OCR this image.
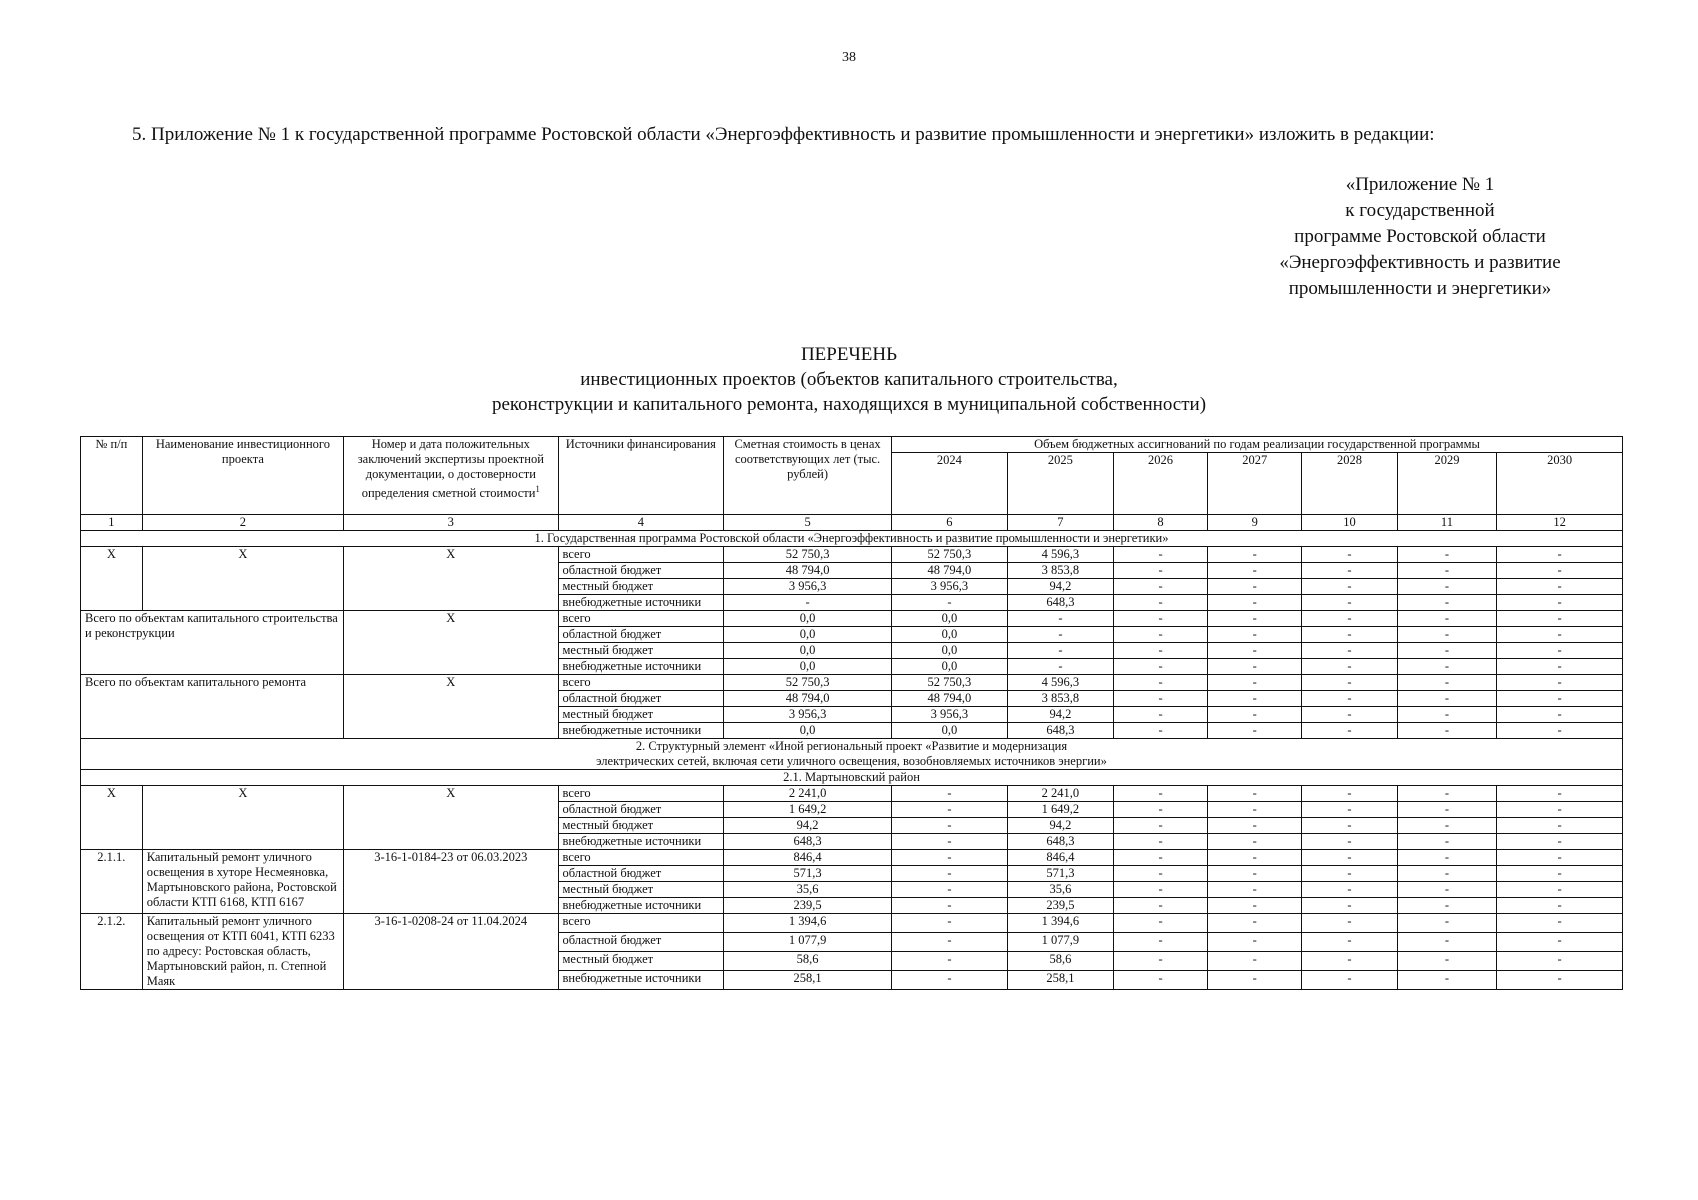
38
5. Приложение № 1 к государственной программе Ростовской области «Энергоэффективность и развитие промышленности и энергетики» изложить в редакции:
«Приложение № 1
к государственной
программе Ростовской области
«Энергоэффективность и развитие
промышленности и энергетики»
ПЕРЕЧЕНЬ
инвестиционных проектов (объектов капитального строительства,
реконструкции и капитального ремонта, находящихся в муниципальной собственности)
№ п/п	Наименование инвестиционного проекта	Номер и дата положительных заключений экспертизы проектной документации, о достоверности определения сметной стоимости$^1$	Источники финансирования	Сметная стоимость в ценах соответствующих лет (тыс. рублей)	Объем бюджетных ассигнований по годам реализации государственной программы						
					2024	2025	2026	2027	2028	2029	2030
1	2	3	4	5	6	7	8	9	10	11	12

1. Государственная программа Ростовской области «Энергоэффективность и развитие промышленности и энергетики»											

Х	Х	Х	всего	52 750,3	52 750,3	4 596,3	-	-	-	-	-
			областной бюджет	48 794,0	48 794,0	3 853,8	-	-	-	-	-
			местный бюджет	3 956,3	3 956,3	94,2	-	-	-	-	-
			внебюджетные источники	-	-	648,3	-	-	-	-	-
Всего по объектам капитального строительства и реконструкции		Х	всего	0,0	0,0	-	-	-	-	-	-
			областной бюджет	0,0	0,0	-	-	-	-	-	-
			местный бюджет	0,0	0,0	-	-	-	-	-	-
			внебюджетные источники	0,0	0,0	-	-	-	-	-	-
Всего по объектам капитального ремонта		Х	всего	52 750,3	52 750,3	4 596,3	-	-	-	-	-
			областной бюджет	48 794,0	48 794,0	3 853,8	-	-	-	-	-
			местный бюджет	3 956,3	3 956,3	94,2	-	-	-	-	-
			внебюджетные источники	0,0	0,0	648,3	-	-	-	-	-

2. Структурный элемент «Иной региональный проект «Развитие и модернизация
электрических сетей, включая сети уличного освещения, возобновляемых источников энергии»											

2.1. Мартыновский район											

Х	Х	Х	всего	2 241,0	-	2 241,0	-	-	-	-	-
			областной бюджет	1 649,2	-	1 649,2	-	-	-	-	-
			местный бюджет	94,2	-	94,2	-	-	-	-	-
			внебюджетные источники	648,3	-	648,3	-	-	-	-	-
2.1.1.	Капитальный ремонт уличного освещения в хуторе Несмеяновка, Мартыновского района, Ростовской области КТП 6168, КТП 6167	3-16-1-0184-23 от 06.03.2023	всего	846,4	-	846,4	-	-	-	-	-
			областной бюджет	571,3	-	571,3	-	-	-	-	-
			местный бюджет	35,6	-	35,6	-	-	-	-	-
			внебюджетные источники	239,5	-	239,5	-	-	-	-	-
2.1.2.	Капитальный ремонт уличного освещения от КТП 6041, КТП 6233 по адресу: Ростовская область, Мартыновский район, п. Степной Маяк	3-16-1-0208-24 от 11.04.2024	всего	1 394,6	-	1 394,6	-	-	-	-	-
			областной бюджет	1 077,9	-	1 077,9	-	-	-	-	-
			местный бюджет	58,6	-	58,6	-	-	-	-	-
			внебюджетные источники	258,1	-	258,1	-	-	-	-	-
